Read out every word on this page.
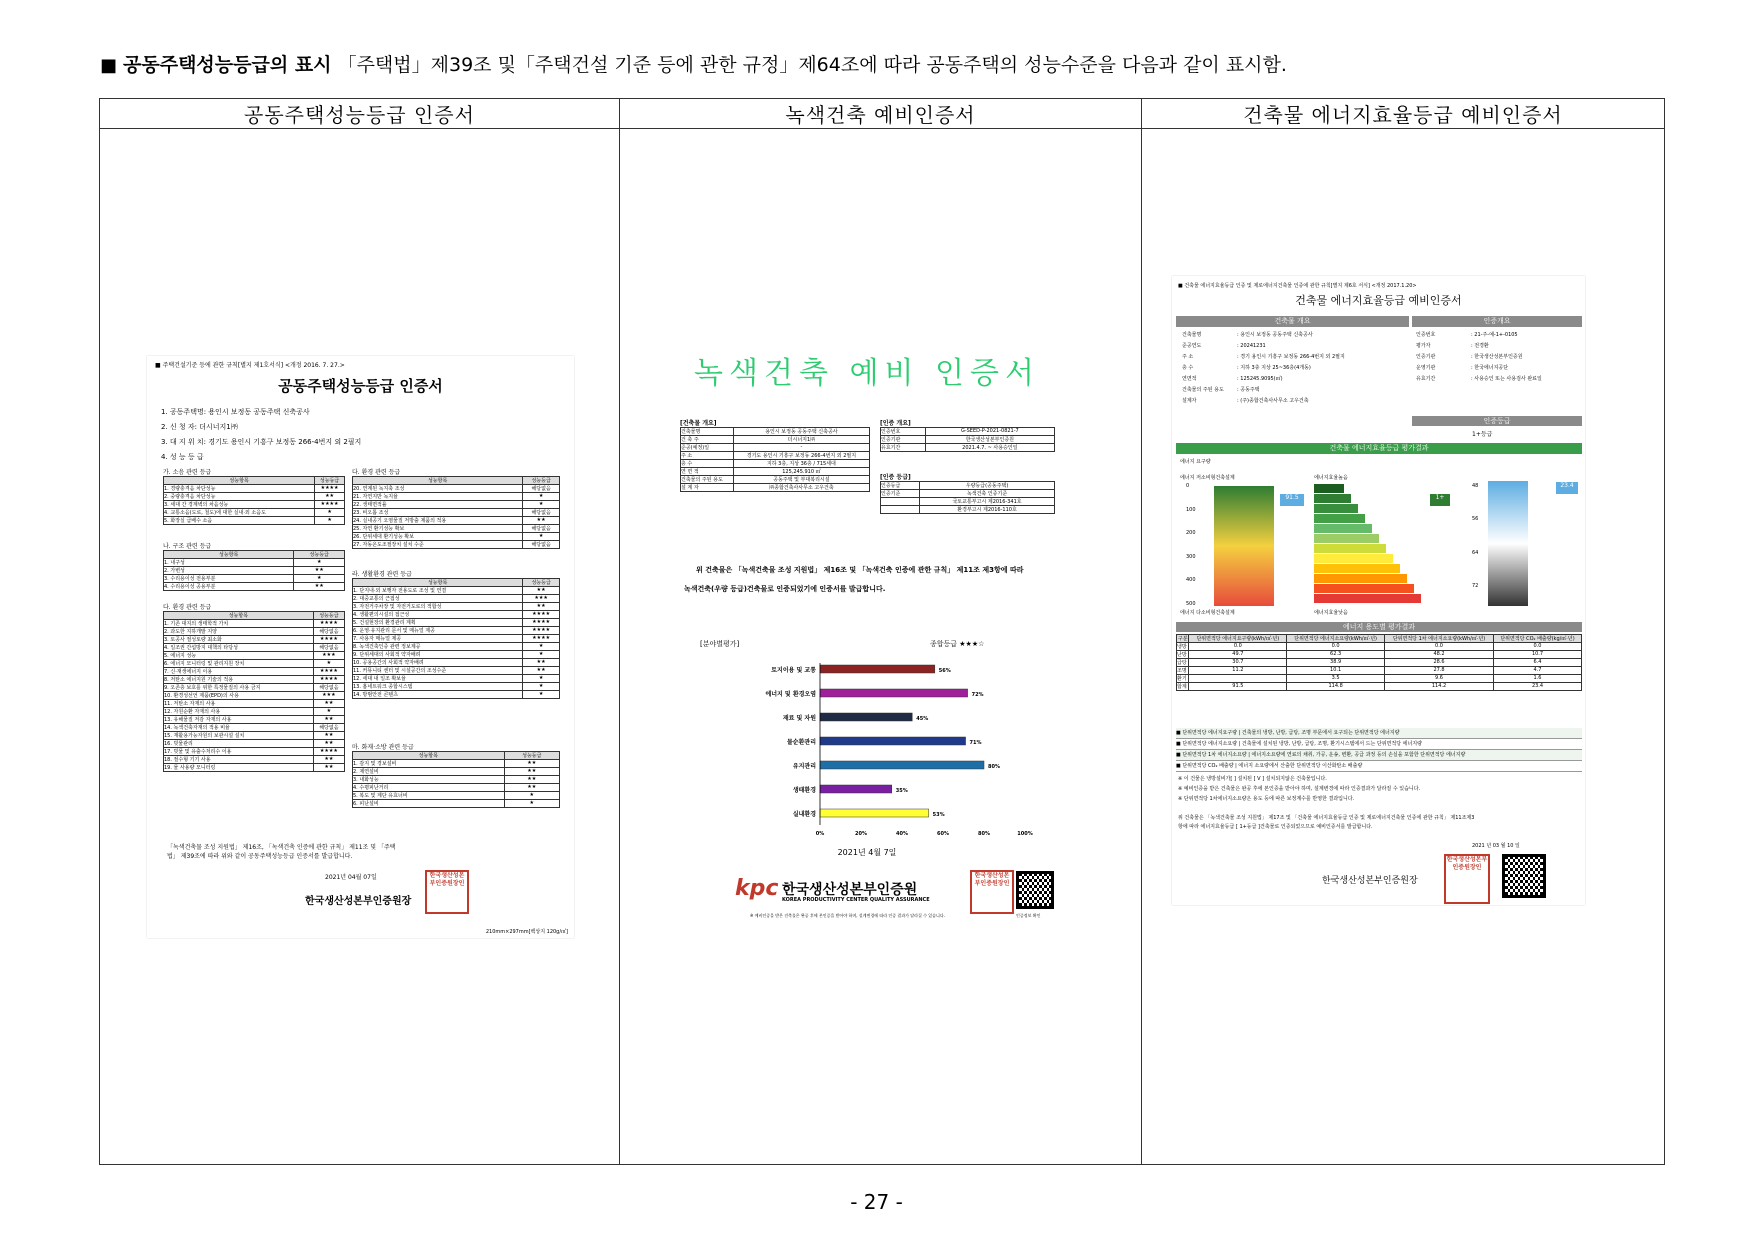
■ 공동주택성능등급의 표시 「주택법」제39조 및「주택건설 기준 등에 관한 규정」제64조에 따라 공동주택의 성능수준을 다음과 같이 표시함.
공동주택성능등급 인증서	녹색건축 예비인증서	건축물 에너지효율등급 예비인증서

■ 주택건설기준 등에 관한 규칙[별지 제1호서식] <개정 2016. 7. 27.>
공동주택성능등급 인증서
1. 공동주택명: 용인시 보정동 공동주택 신축공사
2. 신 청 자: 더시너지1㈜
3. 대 지 위 치: 경기도 용인시 기흥구 보정동 266-4번지 외 2필지
4. 성 능 등 급
가. 소음 관련 등급
성능항목	성능등급
1. 경량충격음 차단성능	★★★★
2. 중량충격음 차단성능	★★
3. 세대 간 경계벽의 차음성능	★★★★
4. 교통소음(도로, 철도)에 대한 실내·외 소음도	★
5. 화장실 급배수 소음	★
나. 구조 관련 등급
성능항목	성능등급
1. 내구성	★
2. 가변성	★★
3. 수리용이성 전용부분	★
4. 수리용이성 공용부분	★★
다. 환경 관련 등급
성능항목	성능등급
1. 기존 대지의 생태학적 가치	★★★★
2. 과도한 지하개발 지양	해당없음
3. 토공사 절성토량 최소화	★★★★
4. 일조권 간섭방지 대책의 타당성	해당없음
5. 에너지 성능	★★★
6. 에너지 모니터링 및 관리지원 장치	★
7. 신·재생에너지 이용	★★★★
8. 저탄소 에너지원 기술의 적용	★★★★
9. 오존층 보호를 위한 특정물질의 사용 금지	해당없음
10. 환경성선언 제품(EPD)의 사용	★★★
11. 저탄소 자재의 사용	★★
12. 자원순환 자재의 사용	★
13. 유해물질 저감 자재의 사용	★★
14. 녹색건축자재의 적용 비율	해당없음
15. 재활용가능자원의 보관시설 설치	★★
16. 빗물관리	★★
17. 빗물 및 유출수처리수 이용	★★★★
18. 절수형 기기 사용	★★
19. 물 사용량 모니터링	★★
다. 환경 관련 등급
성능항목	성능등급
20. 연계된 녹지축 조성	해당없음
21. 자연지반 녹지율	★
22. 생태면적률	★
23. 비오톱 조성	해당없음
24. 실내공기 오염물질 저방출 제품의 적용	★★
25. 자연 환기성능 확보	해당없음
26. 단위세대 환기성능 확보	★
27. 자동온도조절장치 설치 수준	해당없음
라. 생활환경 관련 등급
성능항목	성능등급
1. 단지내·외 보행자 전용도로 조성 및 연결	★★
2. 대중교통의 근접성	★★★
3. 자전거주차장 및 자전거도로의 적합성	★★
4. 생활편의시설의 접근성	★★★★
5. 건설현장의 환경관리 계획	★★★★
6. 운영·유지관리 문서 및 매뉴얼 제공	★★★★
7. 사용자 매뉴얼 제공	★★★★
8. 녹색건축인증 관련 정보제공	★
9. 단위세대의 사회적 약자배려	★
10. 공용공간의 사회적 약자배려	★★
11. 커뮤니티 센터 및 시설공간의 조성수준	★★
12. 세대 내 일조 확보율	★
13. 홈네트워크 종합시스템	★
14. 방범안전 콘텐츠	★
마. 화재·소방 관련 등급
성능항목	성능등급
1. 감지 및 경보설비	★★
2. 제연설비	★★
3. 내화성능	★★
4. 수평피난거리	★★
5. 복도 및 계단 유효너비	★
6. 피난설비	★
「녹색건축물 조성 지원법」 제16조, 「녹색건축 인증에 관한 규칙」 제11조 및 「주택법」 제39조에 따라 위와 같이 공동주택성능등급 인증서를 발급합니다.
2021년 04월 07일
한국생산성본부인증원장
한국생산성본부인증원장인
210mm×297mm[백상지 120g/㎡]

녹색건축 예비 인증서
[건축물 개요]
건축물명	용인시 보정동 공동주택 신축공사
건 축 주	더시너지1㈜
준공(예정)일	-
주 소	경기도 용인시 기흥구 보정동 266-4번지 외 2필지
층 수	지하 3층, 지상 36층 / 715세대
연 면 적	125,245.910 ㎡
건축물의 주된 용도	공동주택 및 부대복리시설
설 계 자	㈜종합건축사사무소 고우건축
[인증 개요]
인증번호	G-SEED-P-2021-0821-7
인증기관	한국생산성본부인증원
유효기간	2021.4.7. ~ 사용승인일
[인증 등급]
인증등급	우량등급(공동주택)
인증기준	녹색건축 인증기준
	국토교통부고시 제2016-341호
	환경부고시 제2016-110호
위 건축물은 「녹색건축물 조성 지원법」 제16조 및 「녹색건축 인증에 관한 규칙」 제11조 제3항에 따라
녹색건축(우량 등급)건축물로 인증되었기에 인증서를 발급합니다.
[분야별평가]	종합등급 ★★★☆
토지이용 및 교통	56%
에너지 및 환경오염	72%
재료 및 자원	45%
물순환관리	71%
유지관리	80%
생태환경	35%
실내환경	53%
0%	20%	40%	60%	80%	100%
2021년 4월 7일
kpc 한국생산성본부인증원
KOREA PRODUCTIVITY CENTER QUALITY ASSURANCE
한국생산성본부인증원장인
인증정보 확인
※ 예비인증을 받은 건축물은 완공 후에 본인증을 받아야 하며, 설계변경에 따라 인증 결과가 달라질 수 있습니다.

■ 건축물 에너지효율등급 인증 및 제로에너지건축물 인증에 관한 규칙[별지 제6호 서식] <개정 2017.1.20>
건축물 에너지효율등급 예비인증서
건축물 개요	인증개요
건축물명	: 용인시 보정동 공동주택 신축공사
준공연도	: 20241231
주 소	: 경기 용인시 기흥구 보정동 266-4번지 외 2필지
층 수	: 지하 3층 지상 25~36층(4개동)
연면적	: 125245.9095(㎡)
건축물의 주된 용도	: 공동주택
설계자	: (주)종합건축사사무소 고우건축
인증번호	: 21-주-예-1+-0105
평가자	: 전경환
인증기관	: 한국생산성본부인증원
운영기관	: 한국에너지공단
유효기간	: 사용승인 또는 사용검사 완료일
인증등급
1+등급
건축물 에너지효율등급 평가결과
에너지 요구량
에너지 저소비형건축설계
0
100
200
300
400
500
91.5
에너지 다소비형건축설계
에너지효율높음
1+
에너지효율낮음
48
56
64
72
23.4
에너지 용도별 평가결과
구분	단위면적당 에너지요구량(kWh/㎡·년)	단위면적당 에너지소요량(kWh/㎡·년)	단위면적당 1차 에너지소요량(kWh/㎡·년)	단위면적당 CO₂ 배출량(kg/㎡·년)
냉방	0.0	0.0	0.0	0.0
난방	49.7	62.3	48.2	10.7
급탕	30.7	38.9	28.6	6.4
조명	11.2	10.1	27.8	4.7
환기		3.5	9.6	1.6
합계	91.5	114.8	114.2	23.4
■ 단위면적당 에너지요구량 | 건축물의 냉방, 난방, 급탕, 조명 부문에서 요구되는 단위면적당 에너지량
■ 단위면적당 에너지소요량 | 건축물에 설치된 냉방, 난방, 급탕, 조명, 환기시스템에서 드는 단위면적당 에너지량
■ 단위면적당 1차 에너지소요량 | 에너지소요량에 연료의 채취, 가공, 운송, 변환, 공급 과정 등의 손실을 포함한 단위면적당 에너지량
■ 단위면적당 CO₂ 배출량 | 에너지 소요량에서 산출한 단위면적당 이산화탄소 배출량
※ 이 건물은 냉방설비가[ ] 설치된 [ V ] 설치되지않은 건축물입니다.
※ 예비인증을 받은 건축물은 완공 후에 본인증을 받아야 하며, 설계변경에 따라 인증결과가 달라질 수 있습니다.
※ 단위면적당 1차에너지소요량은 용도 등에 따른 보정계수를 반영한 결과입니다.
위 건축물은 「녹색건축물 조성 지원법」 제17조 및 「건축물 에너지효율등급 인증 및 제로에너지건축물 인증에 관한 규칙」 제11조제3항에 따라 에너지효율등급 [ 1+등급 ]건축물로 인증되었으므로 예비인증서를 발급합니다.
2021 년 03 월 10 일
한국생산성본부인증원장
한국생산성본부인증원장인
- 27 -
